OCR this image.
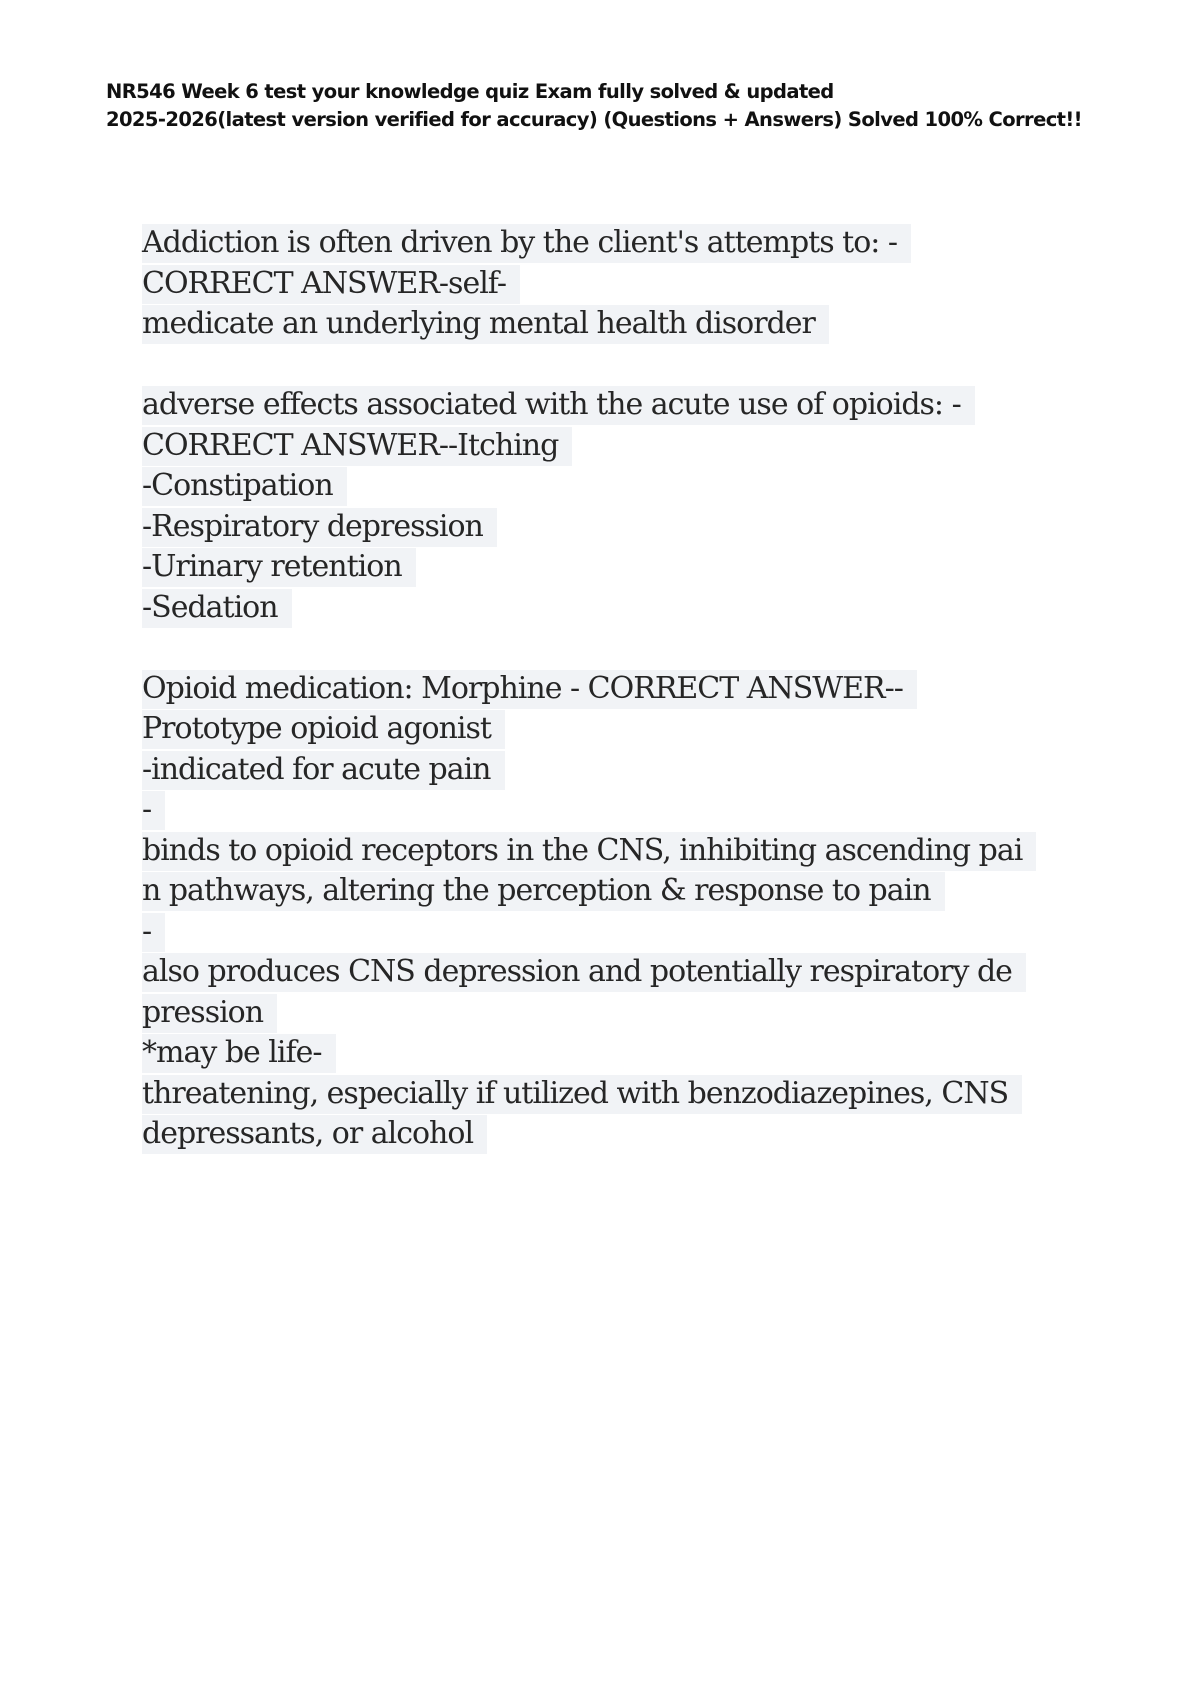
NR546 Week 6 test your knowledge quiz Exam fully solved & updated
2025-2026(latest version verified for accuracy) (Questions + Answers) Solved 100% Correct!!
Addiction is often driven by the client's attempts to: -
CORRECT ANSWER-self-
medicate an underlying mental health disorder
adverse effects associated with the acute use of opioids: -
CORRECT ANSWER--Itching
-Constipation
-Respiratory depression
-Urinary retention
-Sedation
Opioid medication: Morphine - CORRECT ANSWER--
Prototype opioid agonist
-indicated for acute pain
-
binds to opioid receptors in the CNS, inhibiting ascending pai
n pathways, altering the perception & response to pain
-
also produces CNS depression and potentially respiratory de
pression
*may be life-
threatening, especially if utilized with benzodiazepines, CNS
depressants, or alcohol
